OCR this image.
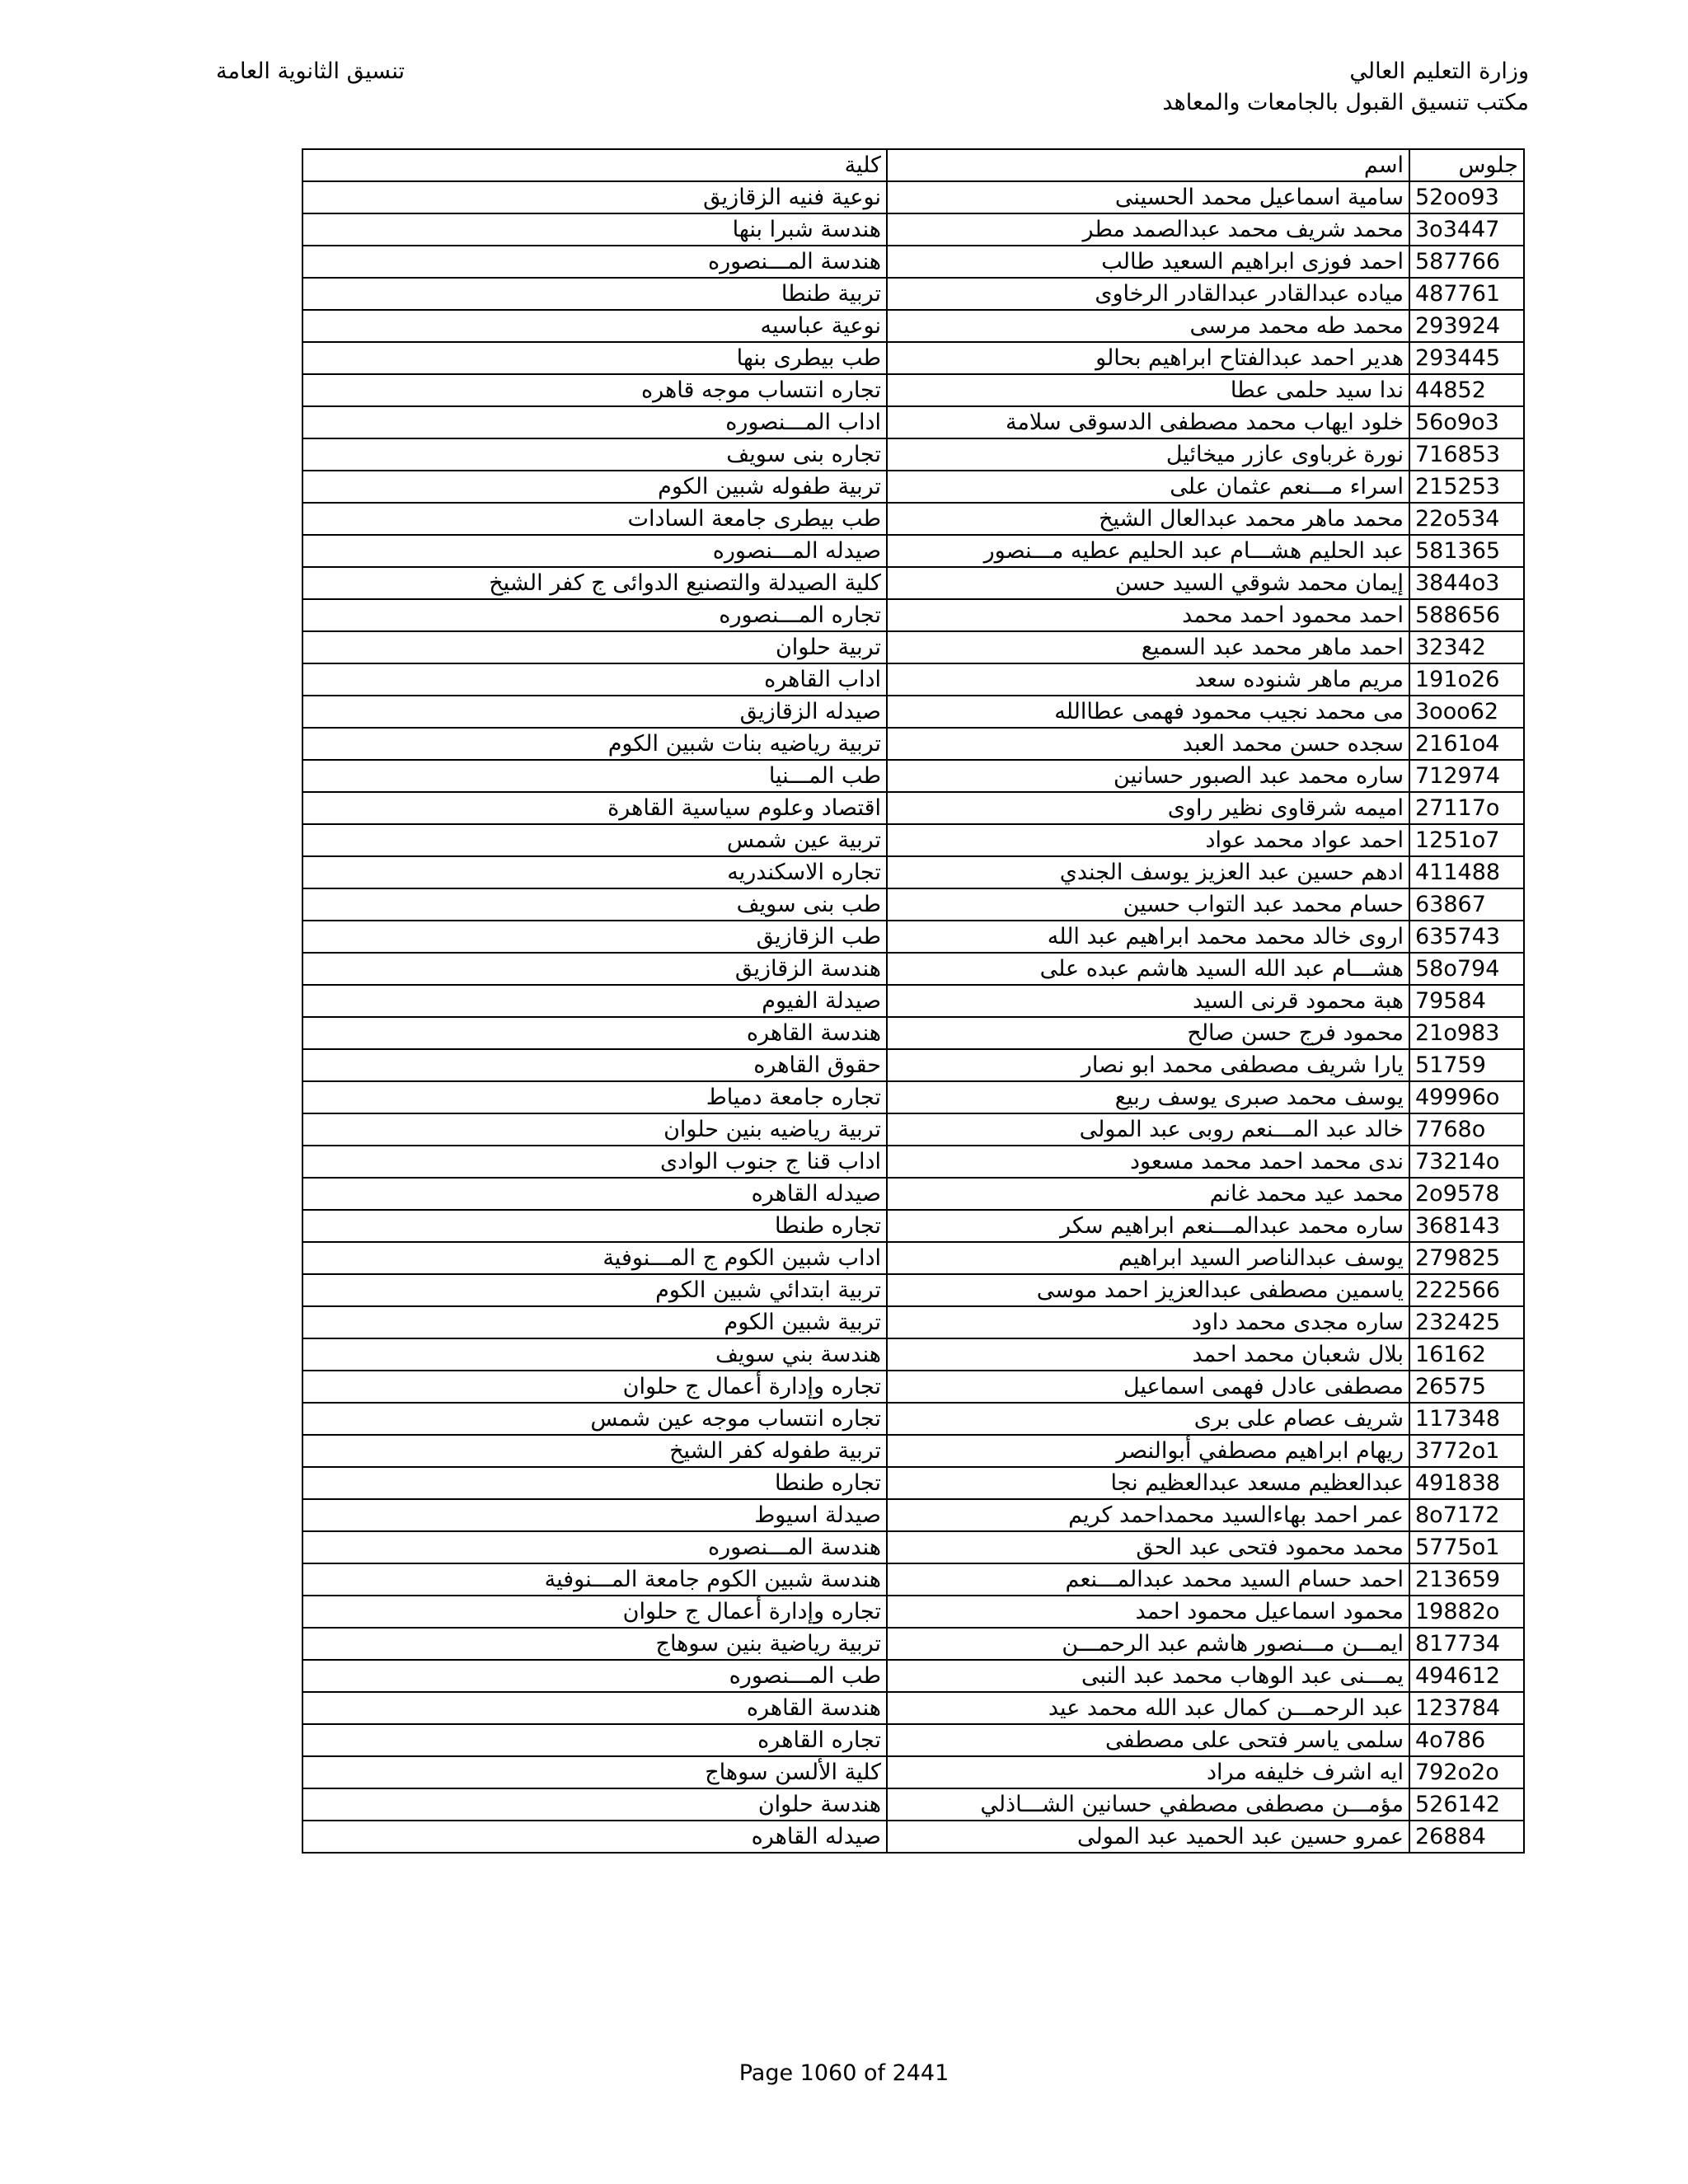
وزارة التعليم العالي
مكتب تنسيق القبول بالجامعات والمعاهد
تنسيق الثانوية العامة
جلوس	اسم	كلية
52oo93	سامية اسماعيل محمد الحسينى	نوعية فنيه الزقازيق
3o3447	محمد شريف محمد عبدالصمد مطر	هندسة شبرا بنها
587766	احمد فوزى ابراهيم السعيد طالب	هندسة المـــنصوره
487761	مياده عبدالقادر عبدالقادر الرخاوى	تربية طنطا
293924	محمد طه محمد مرسى	نوعية عباسيه
293445	هدير احمد عبدالفتاح ابراهيم بحالو	طب بيطرى بنها
44852	ندا سيد حلمى عطا	تجاره انتساب موجه قاهره
56o9o3	خلود ايهاب محمد مصطفى الدسوقى سلامة	اداب المـــنصوره
716853	نورة غرباوى عازر ميخائيل	تجاره بنى سويف
215253	اسراء مـــنعم عثمان على	تربية طفوله شبين الكوم
22o534	محمد ماهر محمد عبدالعال الشيخ	طب بيطرى جامعة السادات
581365	عبد الحليم هشـــام عبد الحليم عطيه مـــنصور	صيدله المـــنصوره
3844o3	إيمان محمد شوقي السيد حسن	كلية الصيدلة والتصنيع الدوائى ج كفر الشيخ
588656	احمد محمود احمد محمد	تجاره المـــنصوره
32342	احمد ماهر محمد عبد السميع	تربية حلوان
191o26	مريم ماهر شنوده سعد	اداب القاهره
3ooo62	مى محمد نجيب محمود فهمى عطاالله	صيدله الزقازيق
2161o4	سجده حسن محمد العبد	تربية رياضيه بنات شبين الكوم
712974	ساره محمد عبد الصبور حسانين	طب المـــنيا
27117o	اميمه شرقاوى نظير راوى	اقتصاد وعلوم سياسية القاهرة
1251o7	احمد عواد محمد عواد	تربية عين شمس
411488	ادهم حسين عبد العزيز يوسف الجندي	تجاره الاسكندريه
63867	حسام محمد عبد التواب حسين	طب بنى سويف
635743	اروى خالد محمد محمد ابراهيم عبد الله	طب الزقازيق
58o794	هشـــام عبد الله السيد هاشم عبده على	هندسة الزقازيق
79584	هبة محمود قرنى السيد	صيدلة الفيوم
21o983	محمود فرج حسن صالح	هندسة القاهره
51759	يارا شريف مصطفى محمد ابو نصار	حقوق القاهره
49996o	يوسف محمد صبرى يوسف ربيع	تجاره جامعة دمياط
7768o	خالد عبد المـــنعم روبى عبد المولى	تربية رياضيه بنين حلوان
73214o	ندى محمد احمد محمد مسعود	اداب قنا ج جنوب الوادى
2o9578	محمد عيد محمد غانم	صيدله القاهره
368143	ساره محمد عبدالمـــنعم ابراهيم سكر	تجاره طنطا
279825	يوسف عبدالناصر السيد ابراهيم	اداب شبين الكوم ج المـــنوفية
222566	ياسمين مصطفى عبدالعزيز احمد موسى	تربية ابتدائي شبين الكوم
232425	ساره مجدى محمد داود	تربية شبين الكوم
16162	بلال شعبان محمد احمد	هندسة بني سويف
26575	مصطفى عادل فهمى اسماعيل	تجاره وإدارة أعمال ج حلوان
117348	شريف عصام على برى	تجاره انتساب موجه عين شمس
3772o1	ريهام ابراهيم مصطفي أبوالنصر	تربية طفوله كفر الشيخ
491838	عبدالعظيم مسعد عبدالعظيم نجا	تجاره طنطا
8o7172	عمر احمد بهاءالسيد محمداحمد كريم	صيدلة اسيوط
5775o1	محمد محمود فتحى عبد الحق	هندسة المـــنصوره
213659	احمد حسام السيد محمد عبدالمـــنعم	هندسة شبين الكوم جامعة المـــنوفية
19882o	محمود اسماعيل محمود احمد	تجاره وإدارة أعمال ج حلوان
817734	ايمـــن مـــنصور هاشم عبد الرحمـــن	تربية رياضية بنين سوهاج
494612	يمـــنى عبد الوهاب محمد عبد النبى	طب المـــنصوره
123784	عبد الرحمـــن كمال عبد الله محمد عيد	هندسة القاهره
4o786	سلمى ياسر فتحى على مصطفى	تجاره القاهره
792o2o	ايه اشرف خليفه مراد	كلية الألسن سوهاج
526142	مؤمـــن مصطفى مصطفي حسانين الشـــاذلي	هندسة حلوان
26884	عمرو حسين عبد الحميد عبد المولى	صيدله القاهره
Page 1060 of 2441
